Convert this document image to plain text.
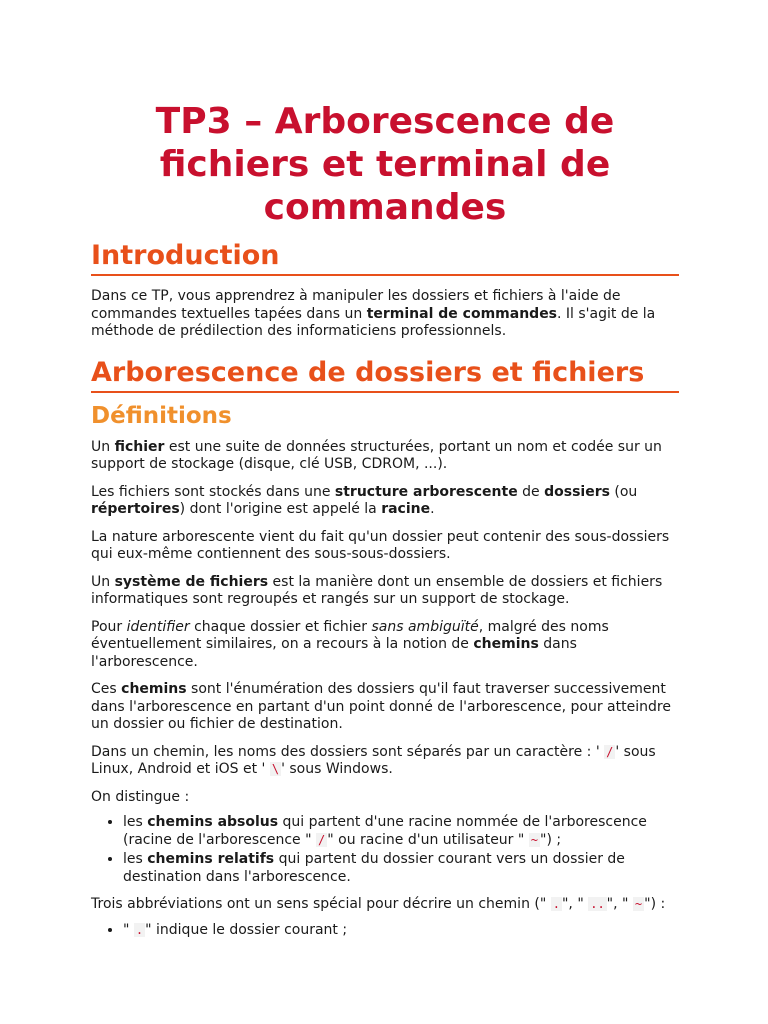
TP3 – Arborescence de fichiers et terminal de commandes
Introduction

Dans ce TP, vous apprendrez à manipuler les dossiers et fichiers à l'aide de commandes textuelles tapées dans un terminal de commandes. Il s'agit de la méthode de prédilection des informaticiens professionnels.

Arborescence de dossiers et fichiers
Définitions

Un fichier est une suite de données structurées, portant un nom et codée sur un support de stockage (disque, clé USB, CDROM, ...).

Les fichiers sont stockés dans une structure arborescente de dossiers (ou répertoires) dont l'origine est appelé la racine.

La nature arborescente vient du fait qu'un dossier peut contenir des sous-dossiers qui eux-même contiennent des sous-sous-dossiers.

Un système de fichiers est la manière dont un ensemble de dossiers et fichiers informatiques sont regroupés et rangés sur un support de stockage.

Pour identifier chaque dossier et fichier sans ambiguïté, malgré des noms éventuellement similaires, on a recours à la notion de chemins dans l'arborescence.

Ces chemins sont l'énumération des dossiers qu'il faut traverser successivement dans l'arborescence en partant d'un point donné de l'arborescence, pour atteindre un dossier ou fichier de destination.

Dans un chemin, les noms des dossiers sont séparés par un caractère : ' / ' sous Linux, Android et iOS et ' \ ' sous Windows.

On distingue :

• les chemins absolus qui partent d'une racine nommée de l'arborescence (racine de l'arborescence " / " ou racine d'un utilisateur " ~ ") ;
• les chemins relatifs qui partent du dossier courant vers un dossier de destination dans l'arborescence.

Trois abbréviations ont un sens spécial pour décrire un chemin (" . ", " .. ", " ~ ") :

• " . " indique le dossier courant ;
